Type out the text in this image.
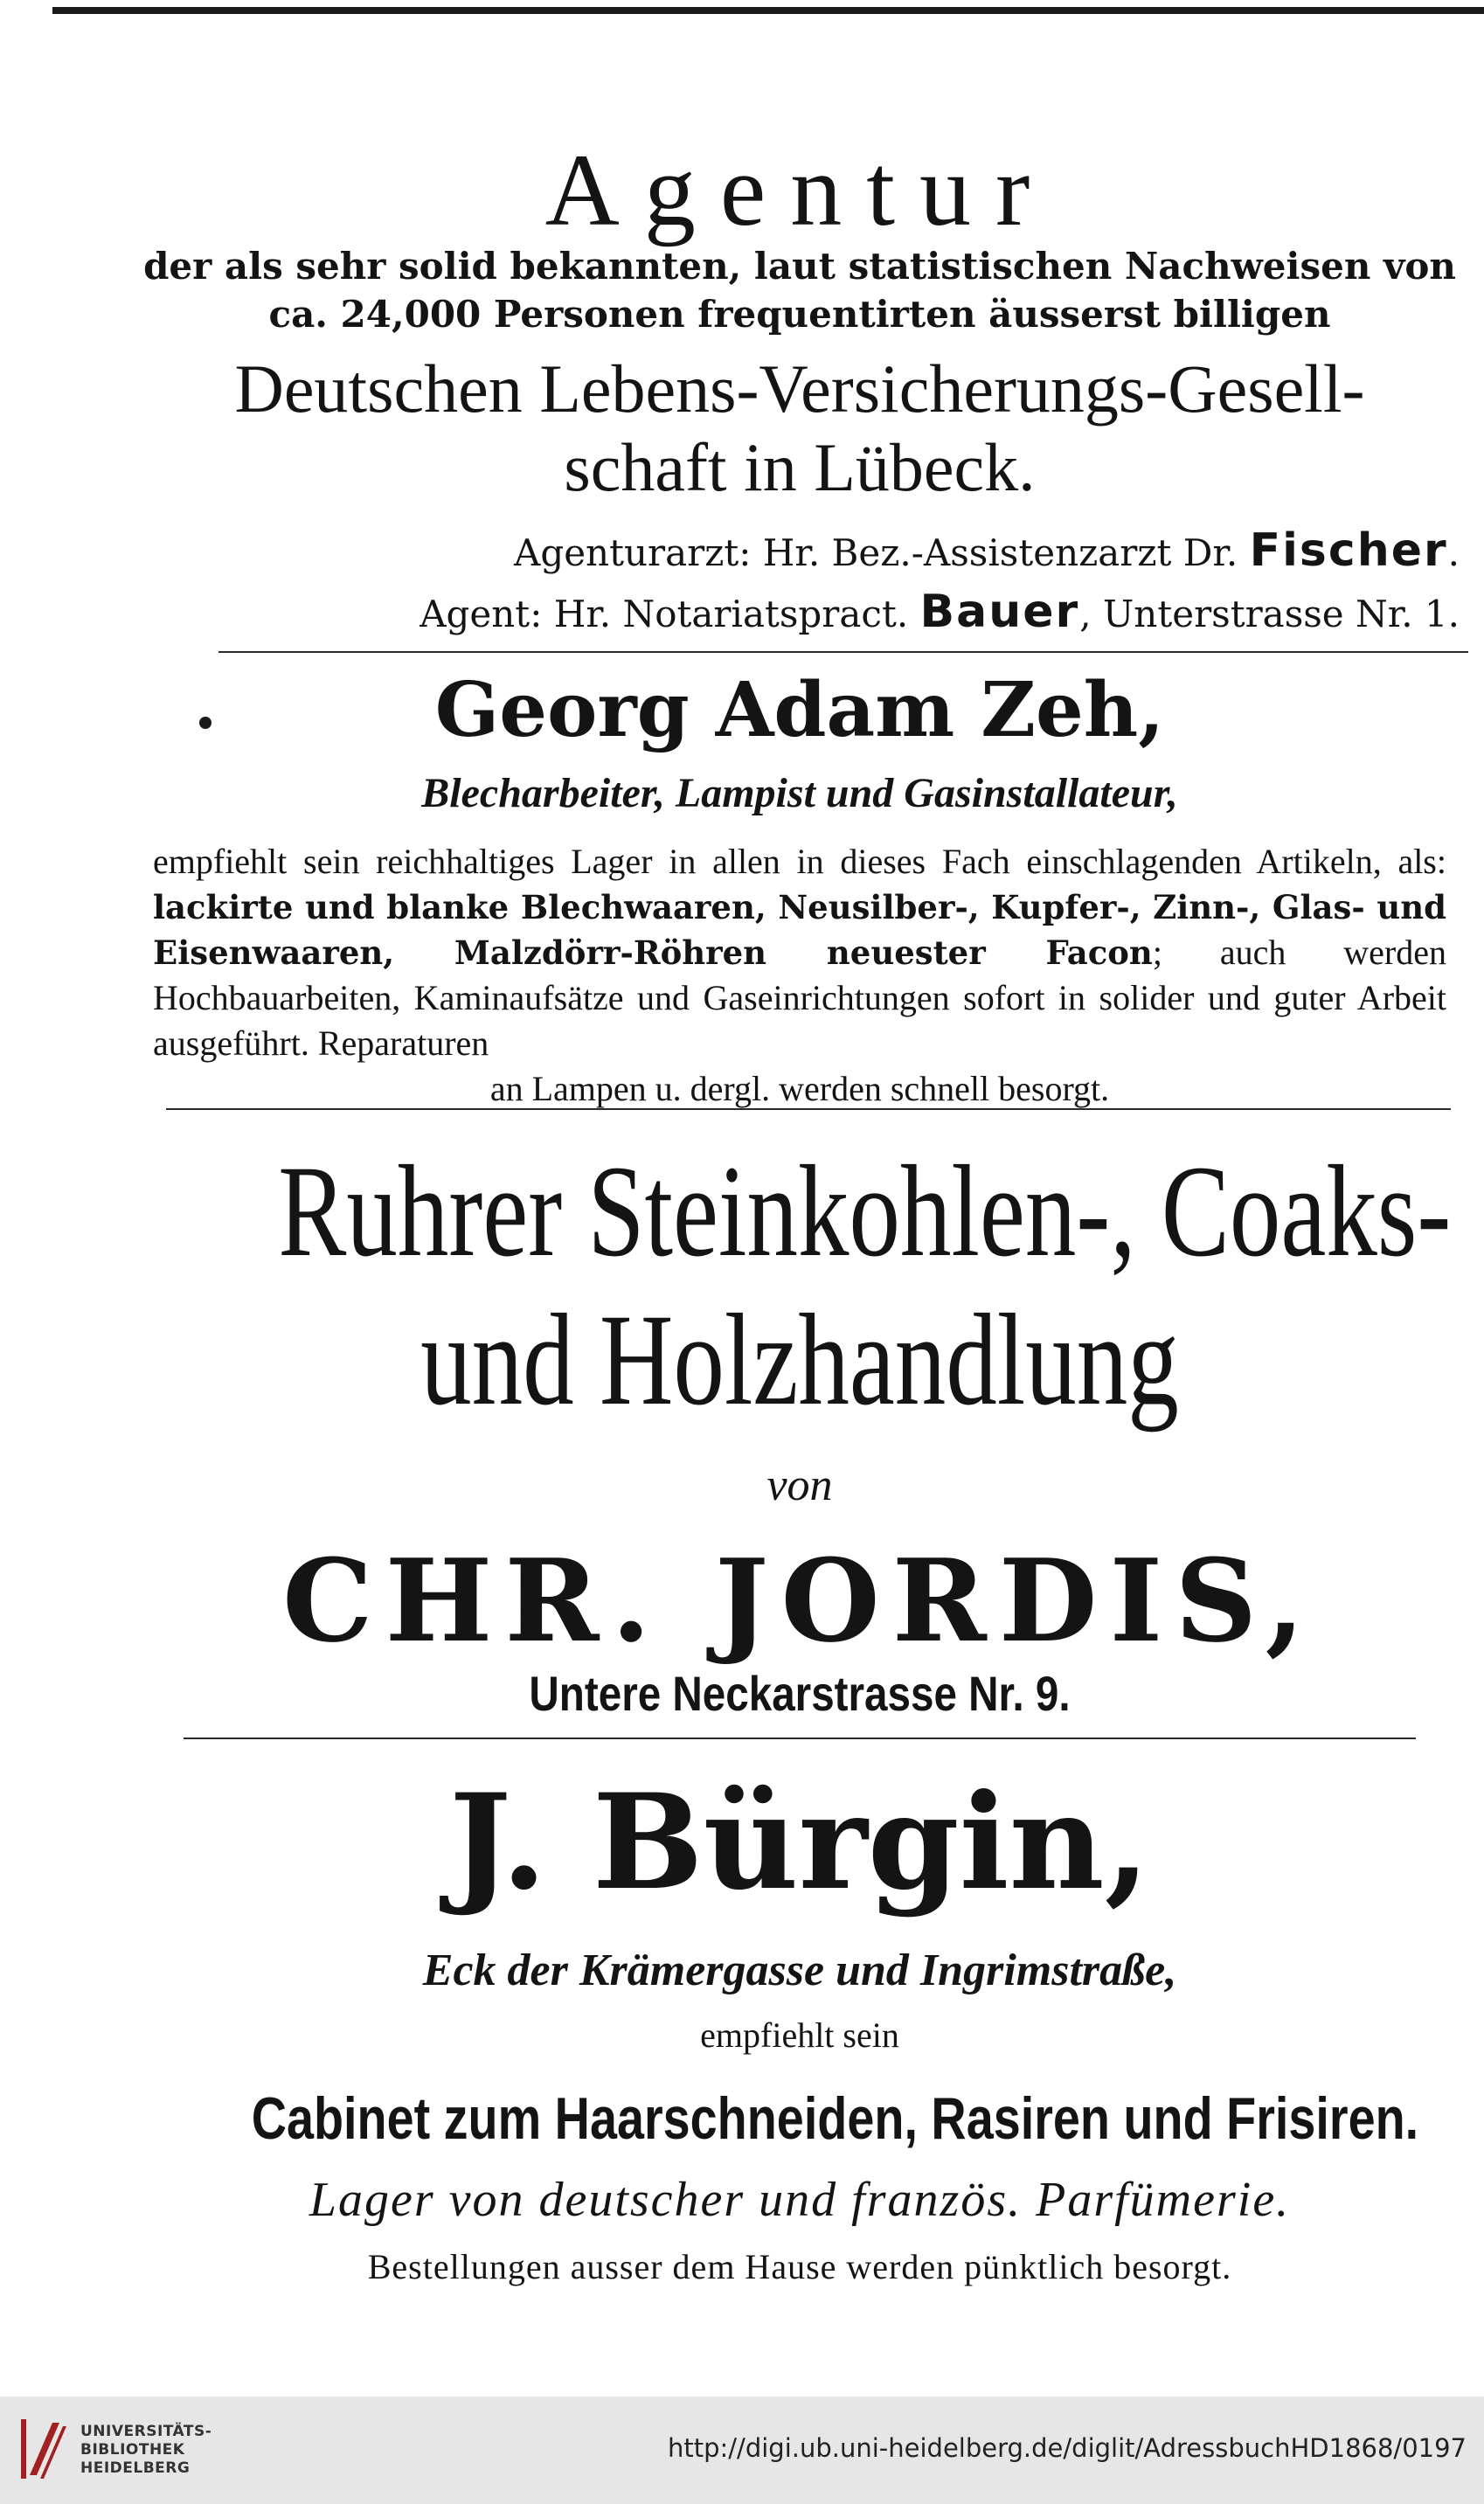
Agentur
der als sehr solid bekannten, laut statistischen Nachweisen von
ca. 24,000 Personen frequentirten äusserst billigen
Deutschen Lebens-Versicherungs-Gesell-
schaft in Lübeck.
Agenturarzt: Hr. Bez.-Assistenzarzt Dr. Fischer.
Agent: Hr. Notariatspract. Bauer, Unterstrasse Nr. 1.
Georg Adam Zeh,
Blecharbeiter, Lampist und Gasinstallateur,
empfiehlt sein reichhaltiges Lager in allen in dieses Fach einschlagenden Artikeln, als: lackirte und blanke Blechwaaren, Neusilber-, Kupfer-, Zinn-, Glas- und Eisenwaaren, Malzdörr-Röhren neuester Facon; auch werden Hochbauarbeiten, Kaminaufsätze und Gaseinrichtungen sofort in solider und guter Arbeit ausgeführt. Reparaturen
an Lampen u. dergl. werden schnell besorgt.
Ruhrer Steinkohlen-, Coaks-
und Holzhandlung
von
CHR. JORDIS,
Untere Neckarstrasse Nr. 9.
J. Bürgin,
Eck der Krämergasse und Ingrimstraße,
empfiehlt sein
Cabinet zum Haarschneiden, Rasiren und Frisiren.
Lager von deutscher und französ. Parfümerie.
Bestellungen ausser dem Hause werden pünktlich besorgt.
UNIVERSITÄTS-
BIBLIOTHEK
HEIDELBERG
http://digi.ub.uni-heidelberg.de/diglit/AdressbuchHD1868/0197
